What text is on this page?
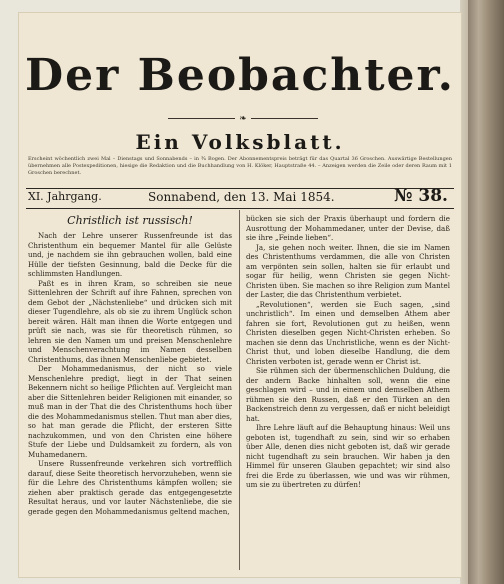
Der Beobachter.
❧
Ein Volksblatt.
Erscheint wöchentlich zwei Mal – Dienstags und Sonnabends – in ¾ Bogen. Der Abonnementspreis beträgt für das Quartal 36 Groschen. Auswärtige Bestellungen übernehmen alle Postexpeditionen, hiesige die Redaktion und die Buchhandlung von H. Klöker, Hauptstraße 44. – Anzeigen werden die Zeile oder deren Raum mit 1 Groschen berechnet.
XI. Jahrgang.	Sonnabend, den 13. Mai 1854.	№ 38.
Christlich ist russisch!

Nach der Lehre unserer Russenfreunde ist das Christenthum ein bequemer Mantel für alle Gelüste und, je nachdem sie ihn gebrauchen wollen, bald eine Hülle der tiefsten Gesinnung, bald die Decke für die schlimmsten Handlungen.

Paßt es in ihren Kram, so schreiben sie neue Sittenlehren der Schrift auf ihre Fahnen, sprechen von dem Gebot der „Nächstenliebe“ und drücken sich mit dieser Tugendlehre, als ob sie zu ihrem Unglück schon bereit wären. Hält man ihnen die Worte entgegen und prüft sie nach, was sie für theoretisch rühmen, so lehren sie den Namen um und preisen Menschenlehre und Menschenverachtung im Namen desselben Christenthums, das ihnen Menschenliebe gebietet.

Der Mohammedanismus, der nicht so viele Menschenlehre predigt, liegt in der That seinen Bekennern nicht so heilige Pflichten auf. Vergleicht man aber die Sittenlehren beider Religionen mit einander, so muß man in der That die des Christenthums hoch über die des Mohammedanismus stellen. Thut man aber dies, so hat man gerade die Pflicht, der ersteren Sitte nachzukommen, und von den Christen eine höhere Stufe der Liebe und Duldsamkeit zu fordern, als von Muhamedanern.

Unsere Russenfreunde verkehren sich vortrefflich darauf, diese Seite theoretisch hervorzuheben, wenn sie für die Lehre des Christenthums kämpfen wollen; sie ziehen aber praktisch gerade das entgegengesetzte Resultat heraus, und vor lauter Nächstenliebe, die sie gerade gegen den Mohammedanismus geltend machen,

bücken sie sich der Praxis überhaupt und fordern die Ausrottung der Mohammedaner, unter der Devise, daß sie ihre „Feinde lieben“.

Ja, sie gehen noch weiter. Ihnen, die sie im Namen des Christenthums verdammen, die alle von Christen am verpönten sein sollen, halten sie für erlaubt und sogar für heilig, wenn Christen sie gegen Nicht-Christen üben. Sie machen so ihre Religion zum Mantel der Laster, die das Christenthum verbietet.

„Revolutionen“, werden sie Euch sagen, „sind unchristlich“. Im einen und demselben Athem aber fahren sie fort, Revolutionen gut zu heißen, wenn Christen dieselben gegen Nicht-Christen erheben. So machen sie denn das Unchristliche, wenn es der Nicht-Christ thut, und loben dieselbe Handlung, die dem Christen verboten ist, gerade wenn er Christ ist.

Sie rühmen sich der übermenschlichen Duldung, die der andern Backe hinhalten soll, wenn die eine geschlagen wird – und in einem und demselben Athem rühmen sie den Russen, daß er den Türken an den Backenstreich denn zu vergessen, daß er nicht beleidigt hat.

Ihre Lehre läuft auf die Behauptung hinaus: Weil uns geboten ist, tugendhaft zu sein, sind wir so erhaben über Alle, denen dies nicht geboten ist, daß wir gerade nicht tugendhaft zu sein brauchen. Wir haben ja den Himmel für unseren Glauben gepachtet; wir sind also frei die Erde zu überlassen, wie und was wir rühmen, um sie zu übertreten zu dürfen!
